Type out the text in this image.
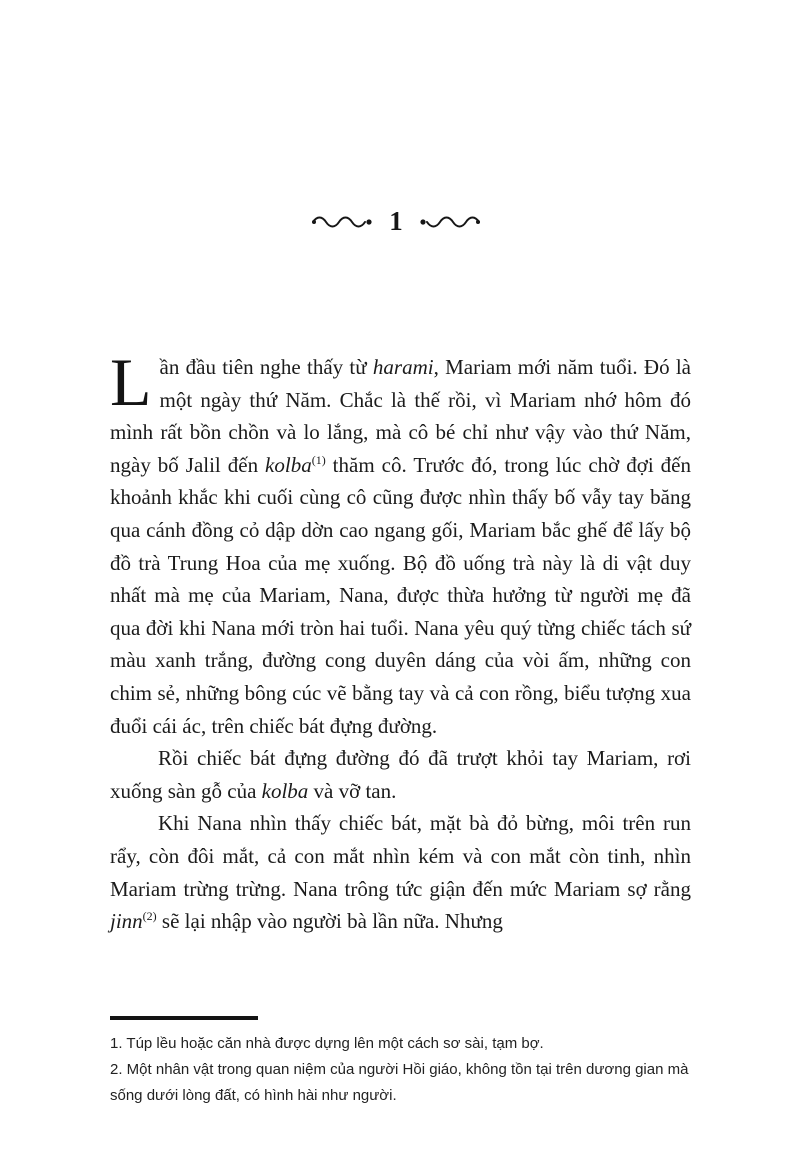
1

Lần đầu tiên nghe thấy từ harami, Mariam mới năm tuổi. Đó là một ngày thứ Năm. Chắc là thế rồi, vì Mariam nhớ hôm đó mình rất bồn chồn và lo lắng, mà cô bé chỉ như vậy vào thứ Năm, ngày bố Jalil đến kolba$^{(1)}$ thăm cô. Trước đó, trong lúc chờ đợi đến khoảnh khắc khi cuối cùng cô cũng được nhìn thấy bố vẫy tay băng qua cánh đồng cỏ dập dờn cao ngang gối, Mariam bắc ghế để lấy bộ đồ trà Trung Hoa của mẹ xuống. Bộ đồ uống trà này là di vật duy nhất mà mẹ của Mariam, Nana, được thừa hưởng từ người mẹ đã qua đời khi Nana mới tròn hai tuổi. Nana yêu quý từng chiếc tách sứ màu xanh trắng, đường cong duyên dáng của vòi ấm, những con chim sẻ, những bông cúc vẽ bằng tay và cả con rồng, biểu tượng xua đuổi cái ác, trên chiếc bát đựng đường.

Rồi chiếc bát đựng đường đó đã trượt khỏi tay Mariam, rơi xuống sàn gỗ của kolba và vỡ tan.

Khi Nana nhìn thấy chiếc bát, mặt bà đỏ bừng, môi trên run rẩy, còn đôi mắt, cả con mắt nhìn kém và con mắt còn tinh, nhìn Mariam trừng trừng. Nana trông tức giận đến mức Mariam sợ rằng jinn$^{(2)}$ sẽ lại nhập vào người bà lần nữa. Nhưng

1. Túp lều hoặc căn nhà được dựng lên một cách sơ sài, tạm bợ.

2. Một nhân vật trong quan niệm của người Hồi giáo, không tồn tại trên dương gian mà sống dưới lòng đất, có hình hài như người.
